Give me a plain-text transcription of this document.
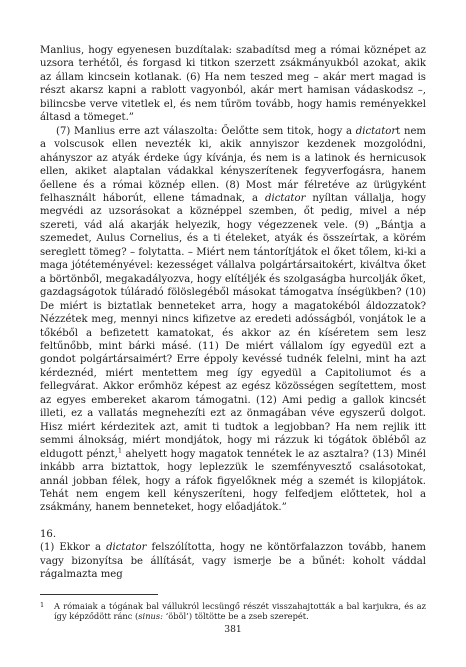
Manlius, hogy egyenesen buzdítalak: szabadítsd meg a római köznépet az uzsora terhétől, és forgasd ki titkon szerzett zsákmányukból azokat, akik az állam kincsein kotlanak. (6) Ha nem teszed meg – akár mert magad is részt akarsz kapni a rablott vagyonból, akár mert hamisan vádaskodsz –, bilincsbe verve vitetlek el, és nem tűröm tovább, hogy hamis reményekkel áltasd a tömeget.”

(7) Manlius erre azt válaszolta: Őelőtte sem titok, hogy a dictatort nem a volscusok ellen nevezték ki, akik annyiszor kezdenek mozgolódni, ahányszor az atyák érdeke úgy kívánja, és nem is a latinok és hernicusok ellen, akiket alaptalan vádakkal kényszerítenek fegyverfogásra, hanem őellene és a római köznép ellen. (8) Most már félretéve az ürügyként felhasznált háborút, ellene támadnak, a dictator nyíltan vállalja, hogy megvédi az uzsorásokat a köznéppel szemben, őt pedig, mivel a nép szereti, vád alá akarják helyezik, hogy végezzenek vele. (9) „Bántja a szemedet, Aulus Cornelius, és a ti ételeket, atyák és összeírtak, a körém sereglett tömeg? – folytatta. – Miért nem tántorítjátok el őket tőlem, ki-ki a maga jótéteményével: kezességet vállalva polgártársaitokért, kiváltva őket a börtönből, megakadályozva, hogy elítéljék és szolgaságba hurcolják őket, gazdagságotok túláradó fölöslegéből másokat támogatva ínségükben? (10) De miért is biztatlak benneteket arra, hogy a magatokéból áldozzatok? Nézzétek meg, mennyi nincs kifizetve az eredeti adósságból, vonjátok le a tőkéből a befizetett kamatokat, és akkor az én kíséretem sem lesz feltűnőbb, mint bárki másé. (11) De miért vállalom így egyedül ezt a gondot polgártársaimért? Erre éppoly kevéssé tudnék felelni, mint ha azt kérdeznéd, miért mentettem meg így egyedül a Capitoliumot és a fellegvárat. Akkor erőmhöz képest az egész közösségen segítettem, most az egyes embereket akarom támogatni. (12) Ami pedig a gallok kincsét illeti, ez a vallatás megnehezíti ezt az önmagában véve egyszerű dolgot. Hisz miért kérdezitek azt, amit ti tudtok a legjobban? Ha nem rejlik itt semmi álnokság, miért mondjátok, hogy mi rázzuk ki tógátok öbléből az eldugott pénzt,$^1$ ahelyett hogy magatok tennétek le az asztalra? (13) Minél inkább arra biztattok, hogy leplezzük le szemfényvesztő csalásotokat, annál jobban félek, hogy a ráfok figyelőknek még a szemét is kilopjátok. Tehát nem engem kell kényszeríteni, hogy felfedjem előttetek, hol a zsákmány, hanem benneteket, hogy előadjátok.”

16.

(1) Ekkor a dictator felszólította, hogy ne köntörfalazzon tovább, hanem vagy bizonyítsa be állítását, vagy ismerje be a bűnét: koholt váddal rágalmazta meg

1 A rómaiak a tógának bal vállukról lecsüngő részét visszahajtották a bal karjukra, és az így képződött ránc (sinus: ‘öböl’) töltötte be a zseb szerepét.
381
